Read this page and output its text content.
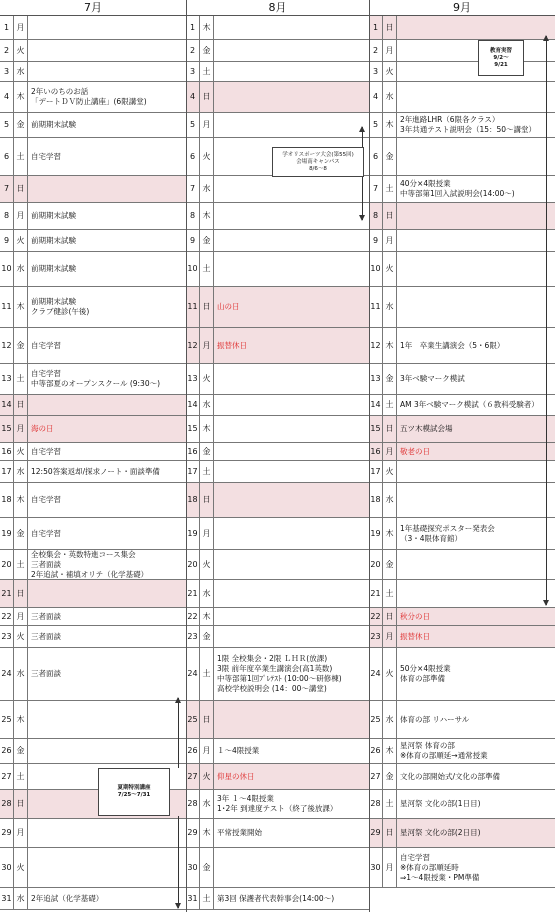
7月	8月	9月
1 月
2 火
3 水
4 木
2年いのちのお話
「デートＤＶ防止講座」(6限講堂)
5 金 前期期末試験
6 土 自宅学習
7 日
8 月 前期期末試験
9 火 前期期末試験
10 水 前期期末試験
11 木
前期期末試験
クラブ健診(午後)
12 金 自宅学習
13 土
自宅学習
中等部夏のオープンスクール (9:30～)
14 日
15 月 海の日
16 火 自宅学習
17 水 12:50答案返却/探求ノート・面談準備
18 木 自宅学習
19 金 自宅学習
20 土
全校集会・英数特進コース集会
三者面談
2年追試・補填オリテ（化学基礎）
21 日
22 月 三者面談
23 火 三者面談
24 水 三者面談
25 木
26 金
27 土
28 日
29 月
30 火
31 水 2年追試（化学基礎）
1 木
2 金
3 土
4 日
5 月
6 火
7 水
8 木
9 金
10 土
11 日 山の日
12 月 振替休日
13 火
14 水
15 木
16 金
17 土
18 日
19 月
20 火
21 水
22 木
23 金
24 土
1限 全校集会・2限 ＬＨＲ(放課)
3限 前年度卒業生講演会(高1英数)
中等部第1回ﾌﾟﾚﾃｽﾄ (10:00～研修棟)
高校学校説明会 (14：00～講堂)
25 日
26 月 １～4限授業
27 火 仰星の休日
28 水
3年 １～4限授業
1･2年 到達度テスト（終了後放課）
29 木 平常授業開始
30 金
31 土 第3回 保護者代表幹事会(14:00～)
1 日
2 月
3 火
4 水
5 木
2年進路LHR（6限各クラス）
3年共通テスト説明会（15：50～講堂）
6 金
7 土
40分×4限授業
中等部第1回入試説明会(14:00～)
8 日
9 月
10 火
11 水
12 木 1年　卒業生講演会（5・6限）
13 金 3年ベ験マーク模試
14 土 AM 3年ベ験マーク模試（６教科受験者）
15 日 五ツ木模試会場
16 月 敬老の日
17 火
18 水
19 木
1年基礎探究ポスター発表会
（3・4限体育館）
20 金
21 土
22 日 秋分の日
23 月 振替休日
24 火
50分×4限授業
体育の部準備
25 水 体育の部 リハーサル
26 木
星河祭 体育の部
※体育の部順延→通常授業
27 金 文化の部開始式/文化の部準備
28 土 星河祭 文化の部(1日目)
29 日 星河祭 文化の部(2日目)
30 月
自宅学習
※体育の部順延時
⇒1～4限授業・PM準備
学オリスポーツ大会(第55回)
会場南キャンパス
8/6～8
教育実習
9/2～
9/21
夏期特別講座
7/25～7/31
